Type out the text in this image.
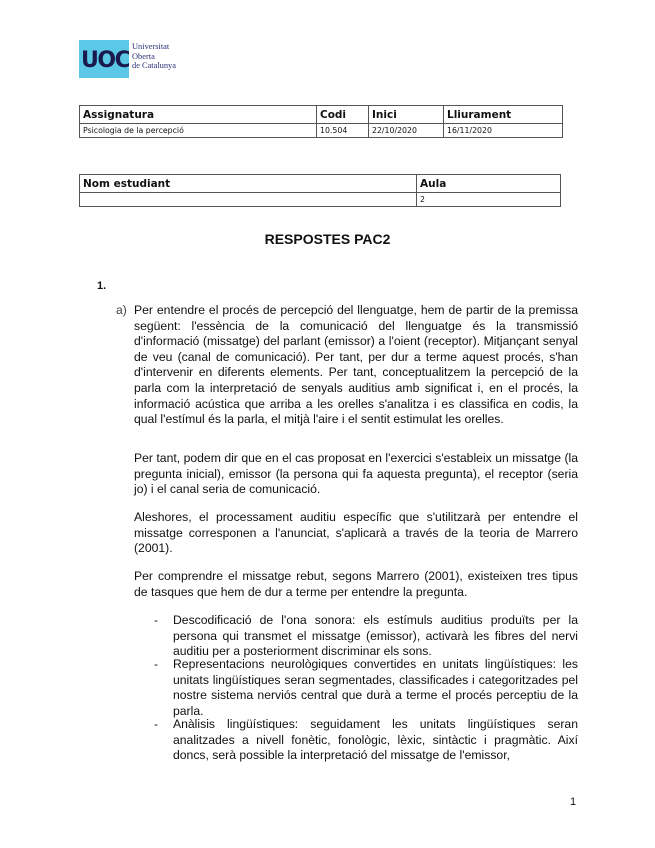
UOC
Universitat
Oberta
de Catalunya
Assignatura	Codi	Inici	Lliurament
Psicologia de la percepció	10.504	22/10/2020	16/11/2020
Nom estudiant	Aula
	2
RESPOSTES PAC2
1.
a) Per entendre el procés de percepció del llenguatge, hem de partir de la premissa següent: l'essència de la comunicació del llenguatge és la transmissió d'informació (missatge) del parlant (emissor) a l'oient (receptor). Mitjançant senyal de veu (canal de comunicació). Per tant, per dur a terme aquest procés, s'han d'intervenir en diferents elements. Per tant, conceptualitzem la percepció de la parla com la interpretació de senyals auditius amb significat i, en el procés, la informació acústica que arriba a les orelles s'analitza i es classifica en codis, la qual l'estímul és la parla, el mitjà l'aire i el sentit estimulat les orelles.
Per tant, podem dir que en el cas proposat en l'exercici s'estableix un missatge (la pregunta inicial), emissor (la persona qui fa aquesta pregunta), el receptor (seria jo) i el canal seria de comunicació.
Aleshores, el processament auditiu específic que s'utilitzarà per entendre el missatge corresponen a l'anunciat, s'aplicarà a través de la teoria de Marrero (2001).
Per comprendre el missatge rebut, segons Marrero (2001), existeixen tres tipus de tasques que hem de dur a terme per entendre la pregunta.
- Descodificació de l'ona sonora: els estímuls auditius produïts per la persona qui transmet el missatge (emissor), activarà les fibres del nervi auditiu per a posteriorment discriminar els sons.
- Representacions neurològiques convertides en unitats lingüístiques: les unitats lingüístiques seran segmentades, classificades i categoritzades pel nostre sistema nerviós central que durà a terme el procés perceptiu de la parla.
- Anàlisis lingüístiques: seguidament les unitats lingüístiques seran analitzades a nivell fonètic, fonològic, lèxic, sintàctic i pragmàtic. Així doncs, serà possible la interpretació del missatge de l'emissor,
1
